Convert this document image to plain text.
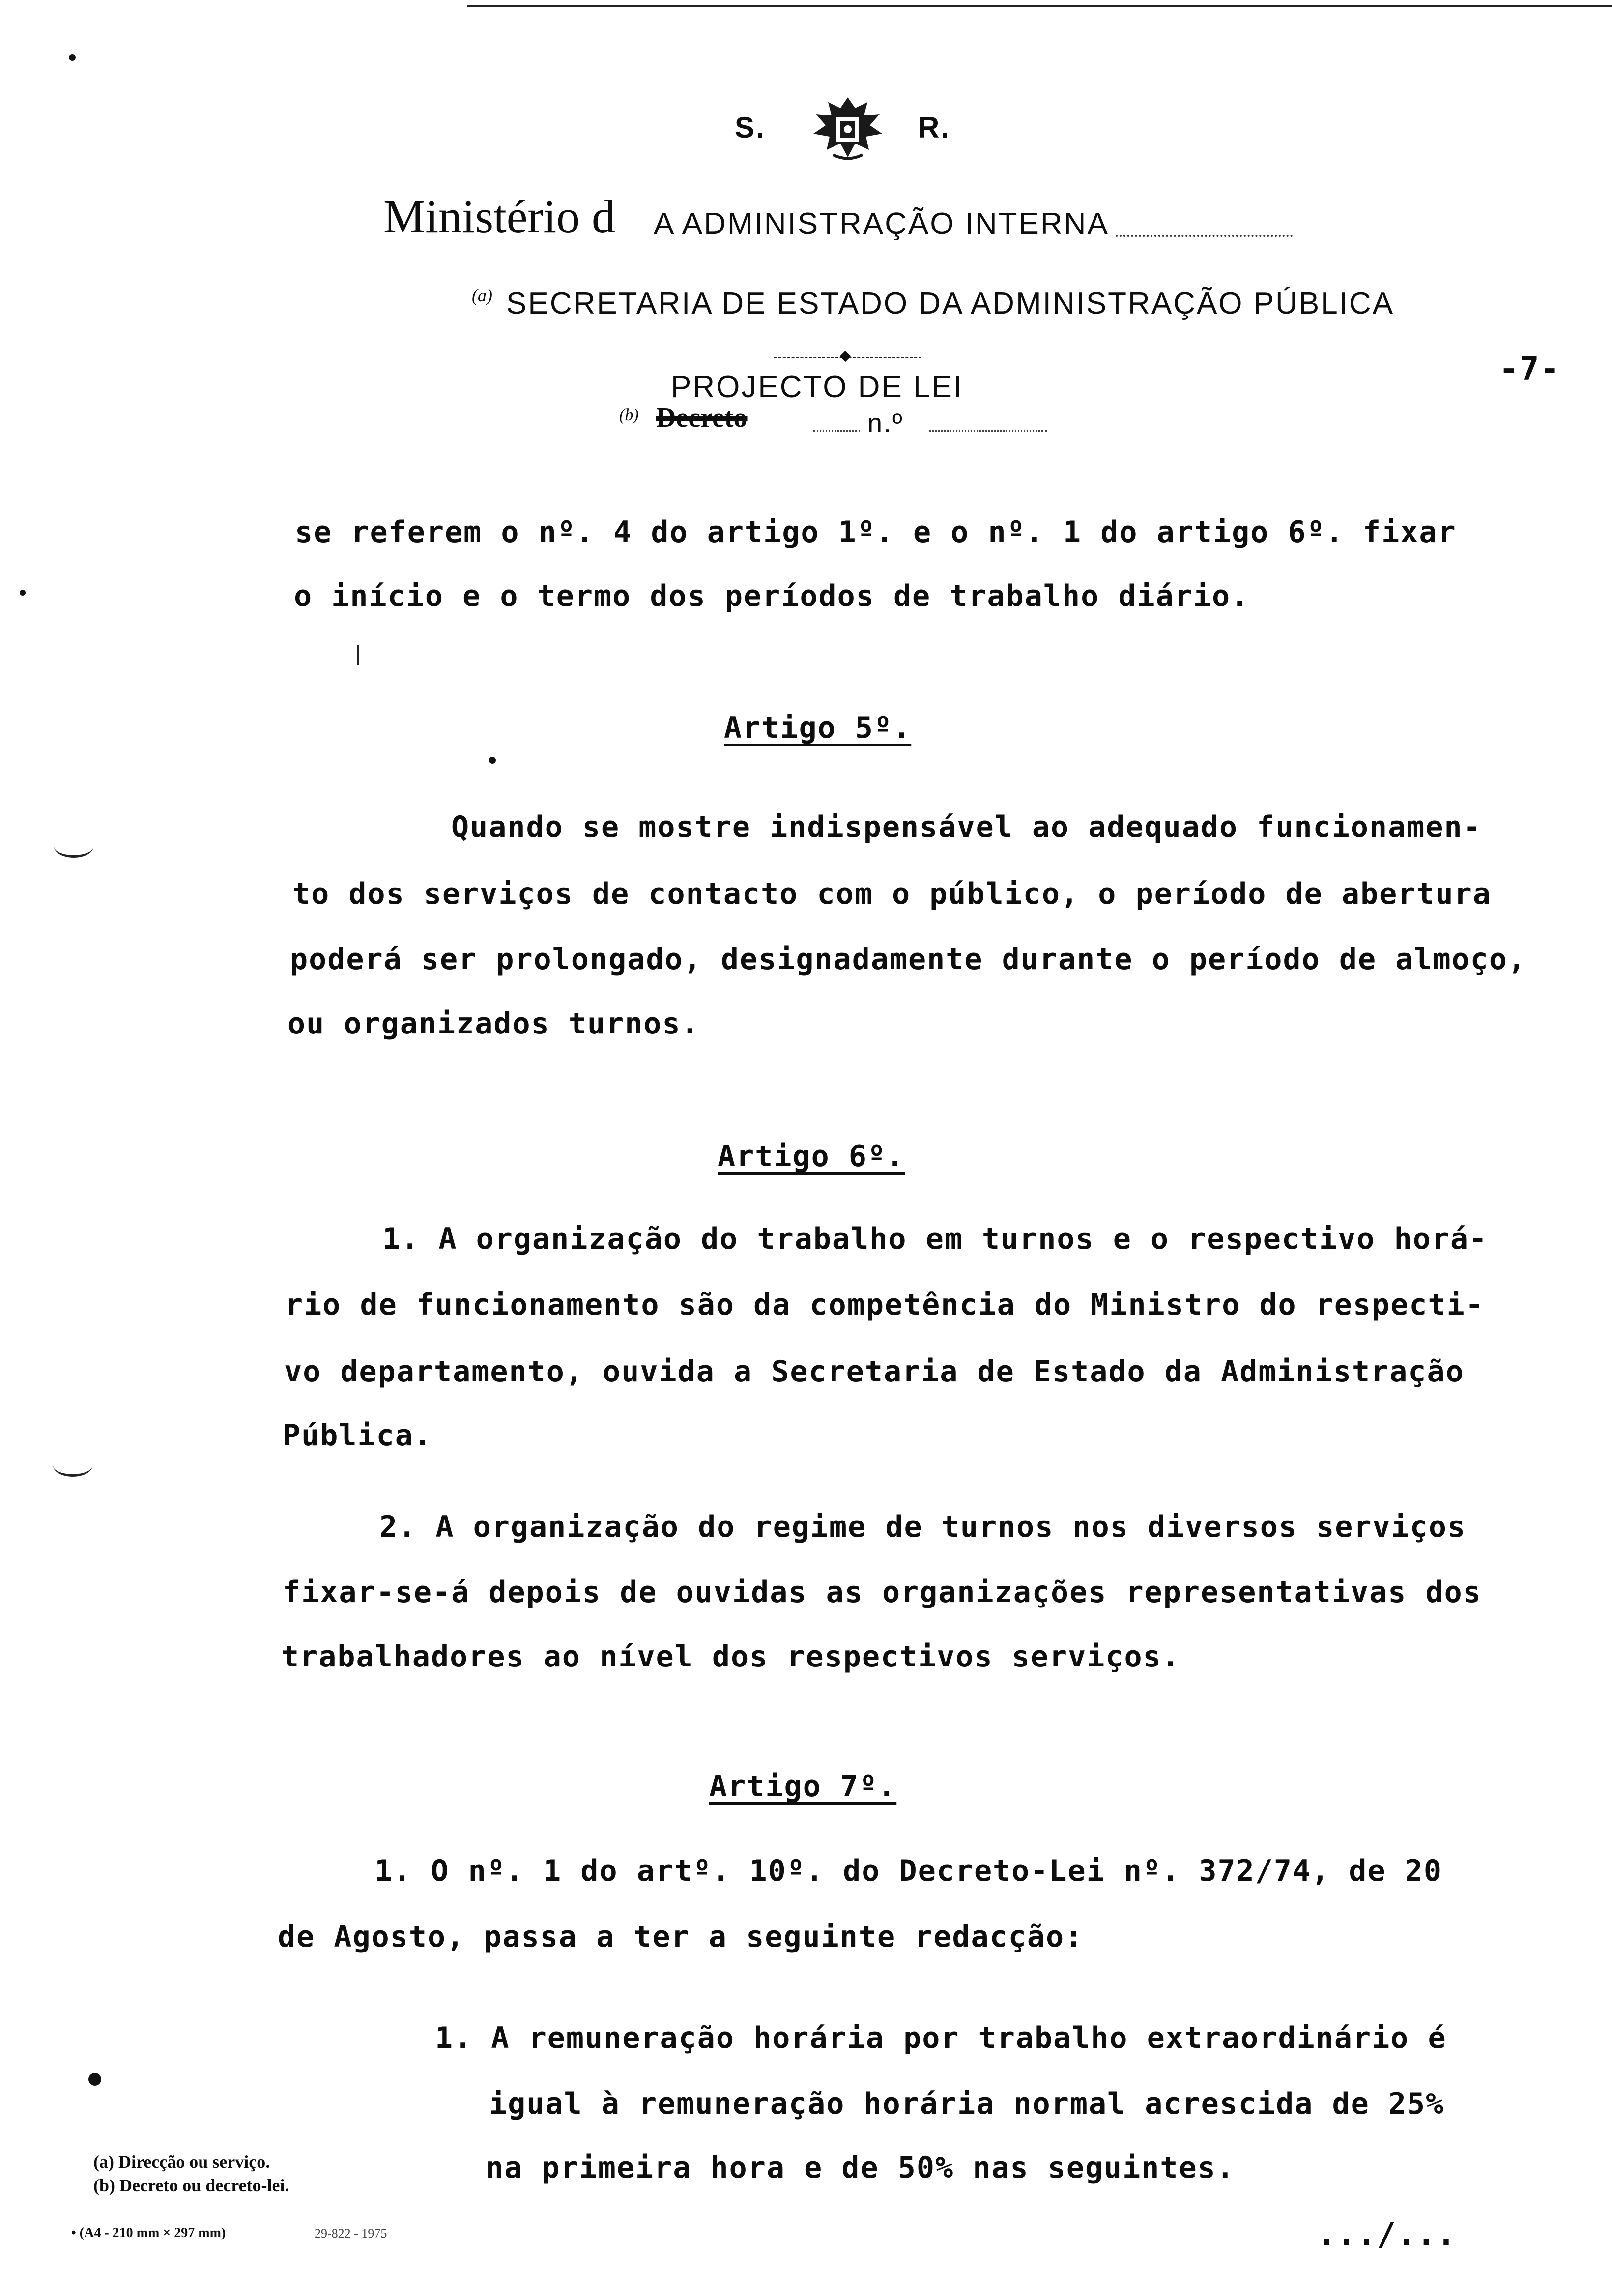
S.	R.
Ministério d A ADMINISTRAÇÃO INTERNA
(a) SECRETARIA DE ESTADO DA ADMINISTRAÇÃO PÚBLICA
PROJECTO DE LEI
(b) Decreto	n.º
-7-
se referem o nº. 4 do artigo 1º. e o nº. 1 do artigo 6º. fixar
o início e o termo dos períodos de trabalho diário.
Artigo 5º.
Quando se mostre indispensável ao adequado funcionamen-
to dos serviços de contacto com o público, o período de abertura
poderá ser prolongado, designadamente durante o período de almoço,
ou organizados turnos.
Artigo 6º.
1. A organização do trabalho em turnos e o respectivo horá-
rio de funcionamento são da competência do Ministro do respecti-
vo departamento, ouvida a Secretaria de Estado da Administração
Pública.
2. A organização do regime de turnos nos diversos serviços
fixar-se-á depois de ouvidas as organizações representativas dos
trabalhadores ao nível dos respectivos serviços.
Artigo 7º.
1. O nº. 1 do artº. 10º. do Decreto-Lei nº. 372/74, de 20
de Agosto, passa a ter a seguinte redacção:
1. A remuneração horária por trabalho extraordinário é
igual à remuneração horária normal acrescida de 25%
na primeira hora e de 50% nas seguintes.
(a) Direcção ou serviço.
(b) Decreto ou decreto-lei.
• (A4 - 210 mm × 297 mm)	29-822 - 1975	.../...
